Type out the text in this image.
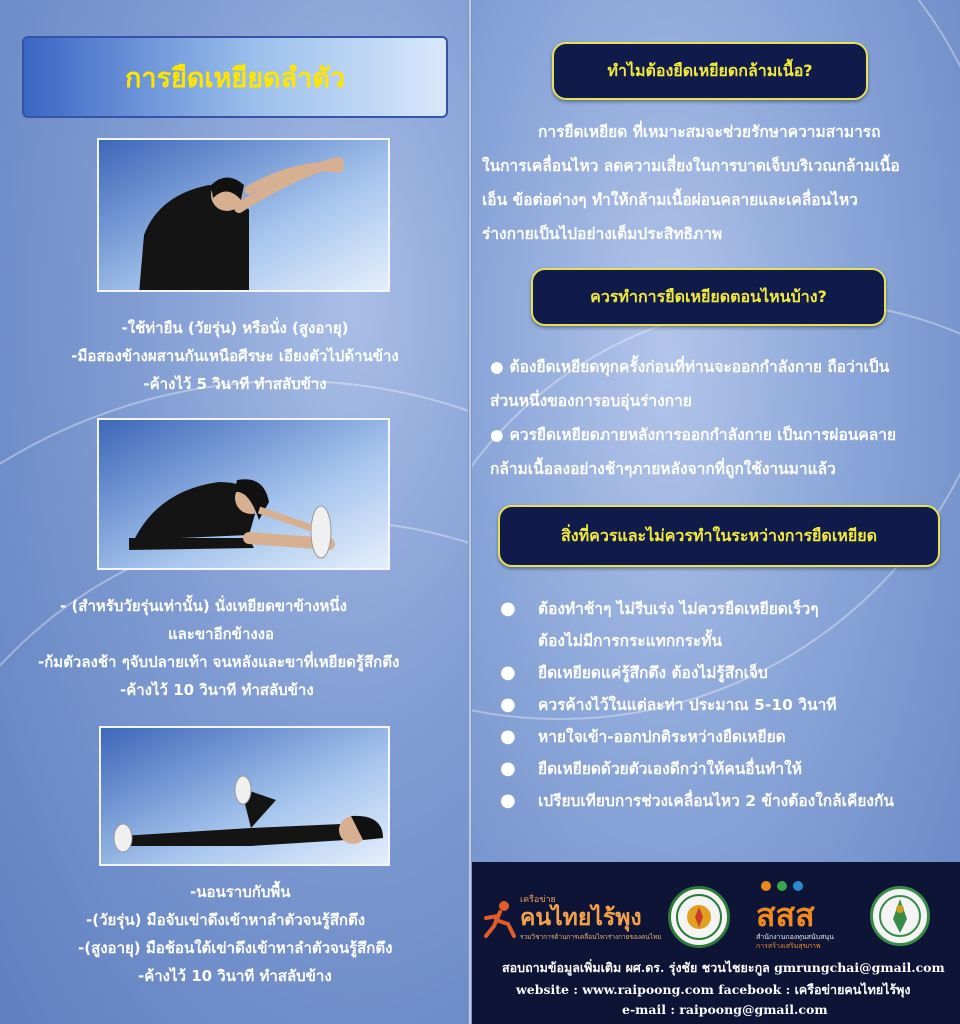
การยืดเหยียดลำตัว
-ใช้ท่ายืน (วัยรุ่น) หรือนั่ง (สูงอายุ)
-มือสองข้างผสานกันเหนือศีรษะ เอียงตัวไปด้านข้าง
-ค้างไว้ 5 วินาที ทำสลับข้าง
- (สำหรับวัยรุ่นเท่านั้น) นั่งเหยียดขาข้างหนึ่ง
และขาอีกข้างงอ
-ก้มตัวลงช้า ๆจับปลายเท้า จนหลังและขาที่เหยียดรู้สึกตึง
-ค้างไว้ 10 วินาที ทำสลับข้าง
-นอนราบกับพื้น
-(วัยรุ่น) มือจับเข่าดึงเข้าหาลำตัวจนรู้สึกตึง
-(สูงอายุ) มือช้อนใต้เข่าดึงเข้าหาลำตัวจนรู้สึกตึง
-ค้างไว้ 10 วินาที ทำสลับข้าง
ทำไมต้องยืดเหยียดกล้ามเนื้อ?
การยืดเหยียด ที่เหมาะสมจะช่วยรักษาความสามารถ
ในการเคลื่อนไหว ลดความเสี่ยงในการบาดเจ็บบริเวณกล้ามเนื้อ
เอ็น ข้อต่อต่างๆ ทำให้กล้ามเนื้อผ่อนคลายและเคลื่อนไหว
ร่างกายเป็นไปอย่างเต็มประสิทธิภาพ
ควรทำการยืดเหยียดตอนไหนบ้าง?
● ต้องยืดเหยียดทุกครั้งก่อนที่ท่านจะออกกำลังกาย ถือว่าเป็น
ส่วนหนึ่งของการอบอุ่นร่างกาย
● ควรยืดเหยียดภายหลังการออกกำลังกาย เป็นการผ่อนคลาย
กล้ามเนื้อลงอย่างช้าๆภายหลังจากที่ถูกใช้งานมาแล้ว
สิ่งที่ควรและไม่ควรทำในระหว่างการยืดเหยียด
●	ต้องทำช้าๆ ไม่รีบเร่ง ไม่ควรยืดเหยียดเร็วๆ
ต้องไม่มีการกระแทกกระทั้น
●	ยืดเหยียดแค่รู้สึกตึง ต้องไม่รู้สึกเจ็บ
●	ควรค้างไว้ในแต่ละท่า ประมาณ 5-10 วินาที
●	หายใจเข้า-ออกปกติระหว่างยืดเหยียด
●	ยืดเหยียดด้วยตัวเองดีกว่าให้คนอื่นทำให้
●	เปรียบเทียบการช่วงเคลื่อนไหว 2 ข้างต้องใกล้เคียงกัน
เครือข่าย
คนไทยไร้พุง
รวมวิชาการด้านการเคลื่อนไหวร่างกายของคนไทย
สสส
สำนักงานกองทุนสนับสนุน
การสร้างเสริมสุขภาพ
สอบถามข้อมูลเพิ่มเติม ผศ.ดร. รุ่งชัย ชวนไชยะกูล gmrungchai@gmail.com
website : www.raipoong.com facebook : เครือข่ายคนไทยไร้พุง
e-mail : raipoong@gmail.com
